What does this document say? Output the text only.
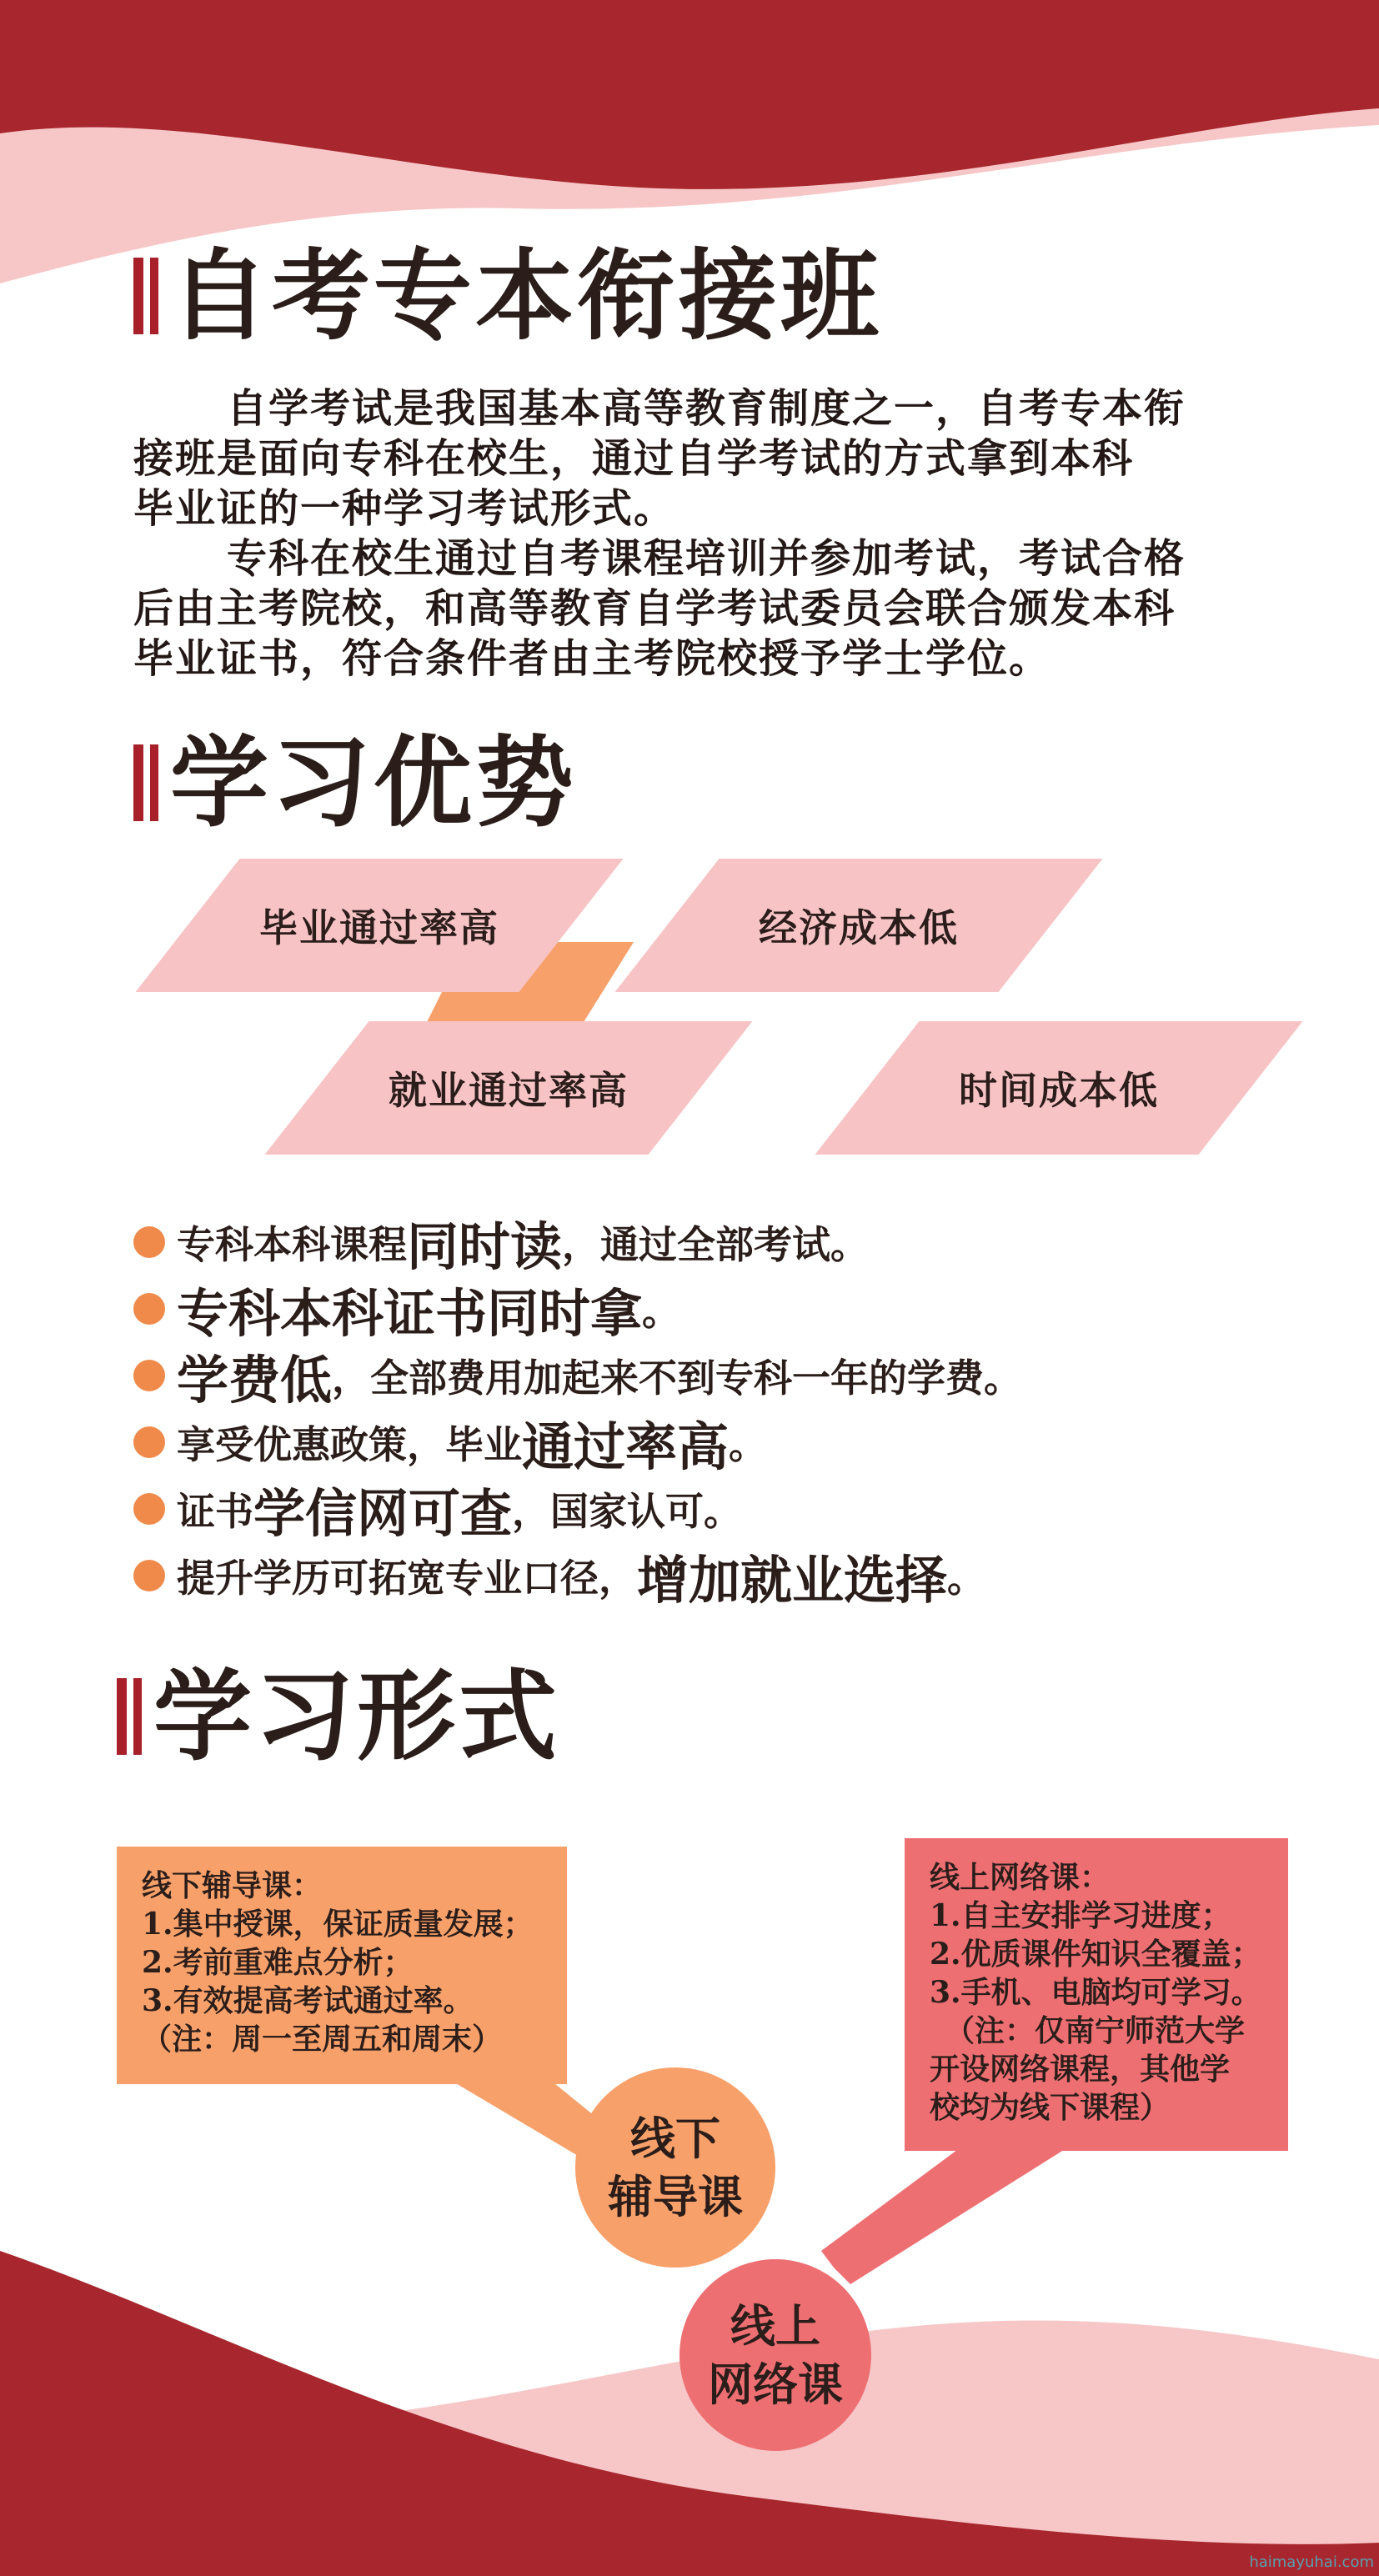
自考专本衔接班

自学考试是我国基本高等教育制度之一，自考专本衔
接班是面向专科在校生，通过自学考试的方式拿到本科
毕业证的一种学习考试形式。

专科在校生通过自考课程培训并参加考试，考试合格
后由主考院校，和高等教育自学考试委员会联合颁发本科
毕业证书，符合条件者由主考院校授予学士学位。

学习优势
毕业通过率高	经济成本低
就业通过率高	时间成本低
专科本科课程 同时读 ，通过全部考试。
专科本科证书同时拿 。
学费低 ，全部费用加起来不到专科一年的学费。
享受优惠政策，毕业 通过率高 。
证书 学信网可查 ，国家认可。
提升学历可拓宽专业口径， 增加就业选择 。
学习形式
线下辅导课：
1.集中授课，保证质量发展；
2.考前重难点分析；
3.有效提高考试通过率。
（注：周一至周五和周末）
线上网络课：
1.自主安排学习进度；
2.优质课件知识全覆盖；
3.手机、电脑均可学习。
（注：仅南宁师范大学
开设网络课程，其他学
校均为线下课程）
线下
辅导课
线上
网络课
haimayuhai.com
